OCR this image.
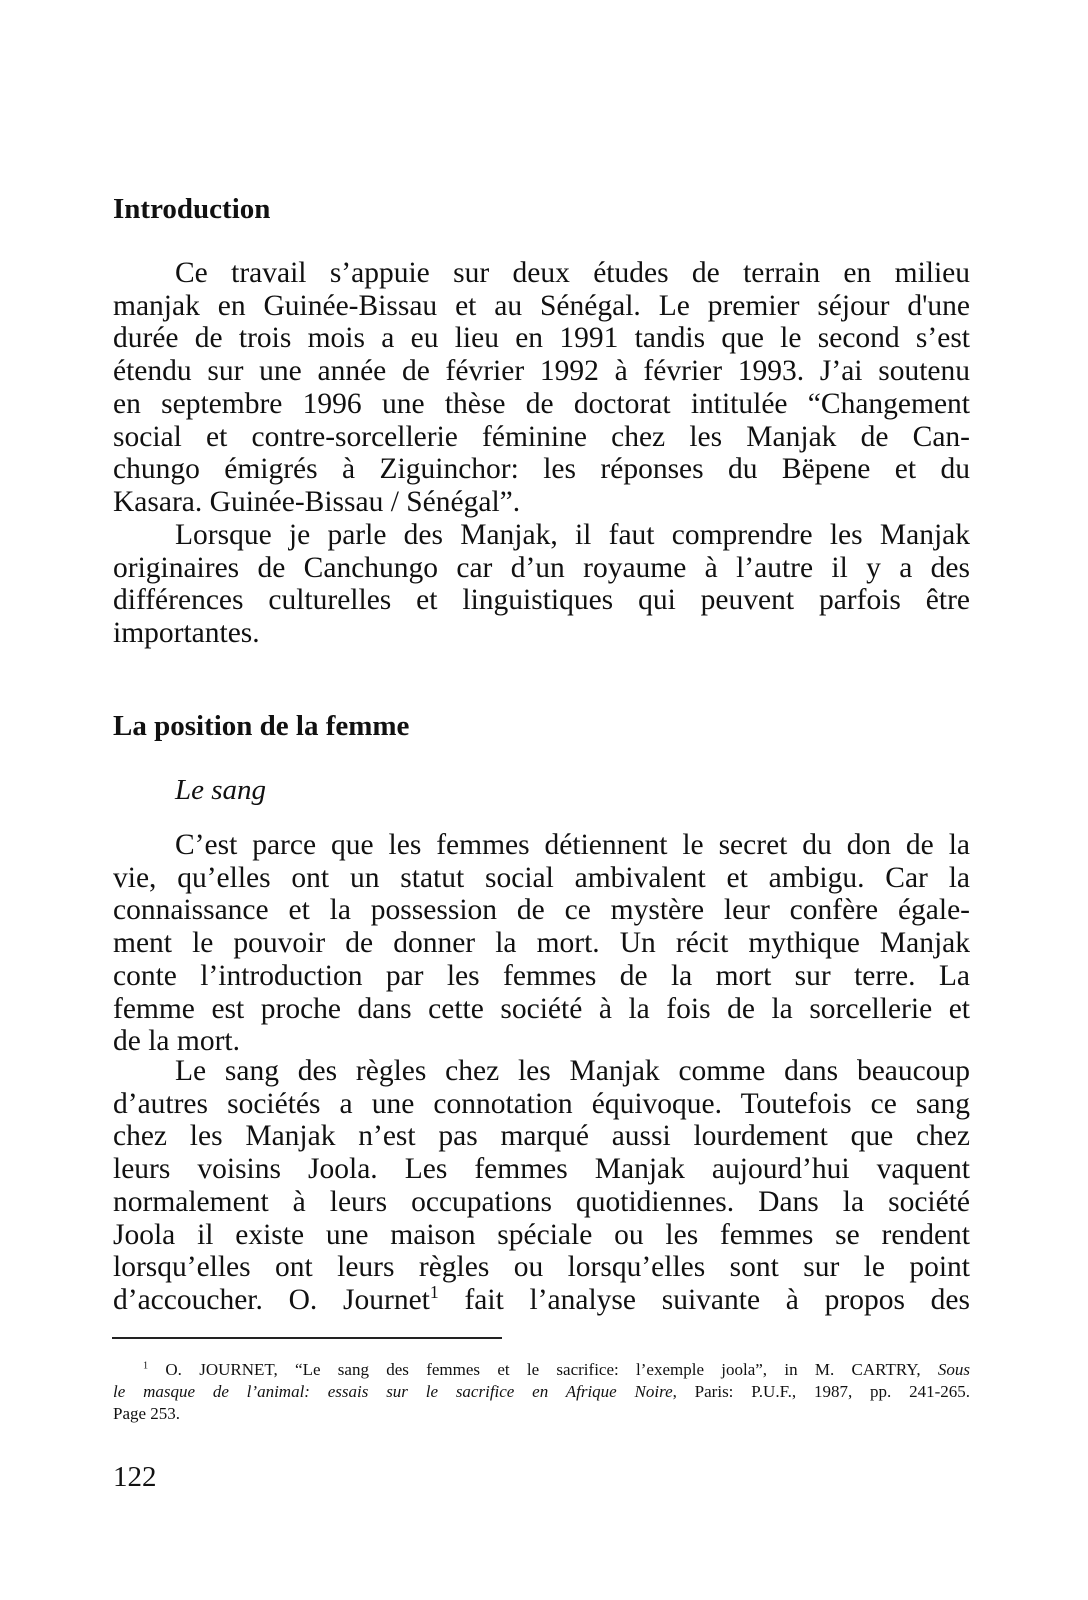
Introduction
Ce travail s’appuie sur deux études de terrain en milieu
manjak en Guinée-Bissau et au Sénégal. Le premier séjour d'une
durée de trois mois a eu lieu en 1991 tandis que le second s’est
étendu sur une année de février 1992 à février 1993. J’ai soutenu
en septembre 1996 une thèse de doctorat intitulée “Changement
social et contre-sorcellerie féminine chez les Manjak de Can-
chungo émigrés à Ziguinchor: les réponses du Bëpene et du
Kasara. Guinée-Bissau / Sénégal”.
Lorsque je parle des Manjak, il faut comprendre les Manjak
originaires de Canchungo car d’un royaume à l’autre il y a des
différences culturelles et linguistiques qui peuvent parfois être
importantes.
La position de la femme
Le sang
C’est parce que les femmes détiennent le secret du don de la
vie, qu’elles ont un statut social ambivalent et ambigu. Car la
connaissance et la possession de ce mystère leur confère égale-
ment le pouvoir de donner la mort. Un récit mythique Manjak
conte l’introduction par les femmes de la mort sur terre. La
femme est proche dans cette société à la fois de la sorcellerie et
de la mort.
Le sang des règles chez les Manjak comme dans beaucoup
d’autres sociétés a une connotation équivoque. Toutefois ce sang
chez les Manjak n’est pas marqué aussi lourdement que chez
leurs voisins Joola. Les femmes Manjak aujourd’hui vaquent
normalement à leurs occupations quotidiennes. Dans la société
Joola il existe une maison spéciale ou les femmes se rendent
lorsqu’elles ont leurs règles ou lorsqu’elles sont sur le point
d’accoucher. O. Journet$^1$ fait l’analyse suivante à propos des
$^1$ O. JOURNET, “Le sang des femmes et le sacrifice: l’exemple joola”, in M. CARTRY, Sous
le masque de l’animal: essais sur le sacrifice en Afrique Noire, Paris: P.U.F., 1987, pp. 241-265.
Page 253.
122
